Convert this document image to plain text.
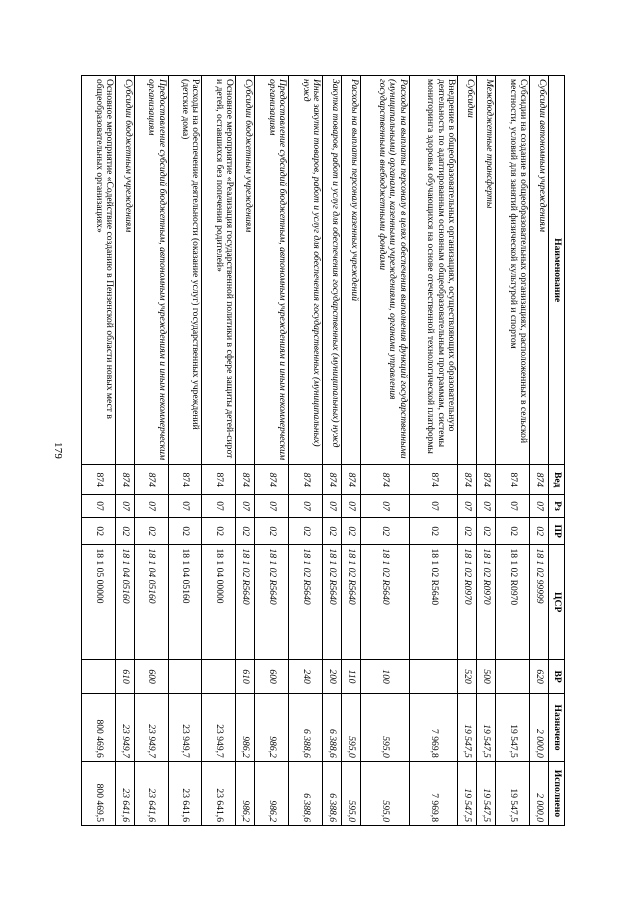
179
Наименование	Вед	Рз	ПР	ЦСР	ВР	Назначено	Исполнено
Субсидии автономным учреждениям	874	07	02	18 1 02 99999	620	2 000,0	2 000,0
Субсидии на создание в общеобразовательных организациях, расположенных в сельской местности, условий для занятий физической культурой и спортом	874	07	02	18 1 02 R0970		19 547,5	19 547,5
Межбюджетные трансферты	874	07	02	18 1 02 R0970	500	19 547,5	19 547,5
Субсидии	874	07	02	18 1 02 R0970	520	19 547,5	19 547,5
Внедрение в общеобразовательных организациях, осуществляющих образовательную деятельность по адаптированным основным общеобразовательным программам, системы мониторинга здоровья обучающихся на основе отечественной технологической платформы	874	07	02	18 1 02 R5640		7 969,8	7 969,8
Расходы на выплаты персоналу в целях обеспечения выполнения функций государственными (муниципальными) органами, казенными учреждениями, органами управления государственными внебюджетными фондами	874	07	02	18 1 02 R5640	100	595,0	595,0
Расходы на выплаты персоналу казенных учреждений	874	07	02	18 1 02 R5640	110	595,0	595,0
Закупка товаров, работ и услуг для обеспечения государственных (муниципальных) нужд	874	07	02	18 1 02 R5640	200	6 388,6	6 388,6
Иные закупки товаров, работ и услуг для обеспечения государственных (муниципальных) нужд	874	07	02	18 1 02 R5640	240	6 388,6	6 388,6
Предоставление субсидий бюджетным, автономным учреждениям и иным некоммерческим организациям	874	07	02	18 1 02 R5640	600	986,2	986,2
Субсидии бюджетным учреждениям	874	07	02	18 1 02 R5640	610	986,2	986,2
Основное мероприятие «Реализация государственной политики в сфере защиты детей-сирот и детей, оставшихся без попечения родителей»	874	07	02	18 1 04 00000		23 949,7	23 641,6
Расходы на обеспечение деятельности (оказание услуг) государственных учреждений (детские дома)	874	07	02	18 1 04 05160		23 949,7	23 641,6
Предоставление субсидий бюджетным, автономным учреждениям и иным некоммерческим организациям	874	07	02	18 1 04 05160	600	23 949,7	23 641,6
Субсидии бюджетным учреждениям	874	07	02	18 1 04 05160	610	23 949,7	23 641,6
Основное мероприятие «Содействие созданию в Пензенской области новых мест в общеобразовательных организациях»	874	07	02	18 1 05 00000		800 469,6	800 469,5
